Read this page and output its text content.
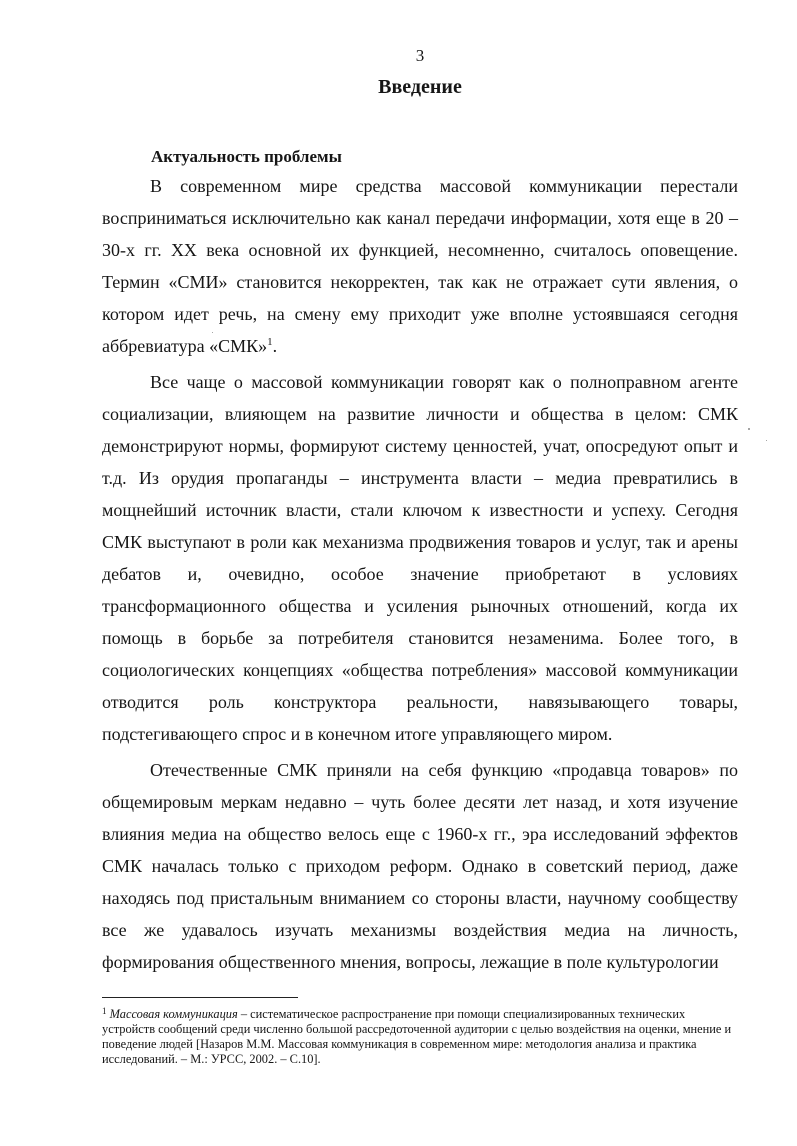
3
Введение
Актуальность проблемы

В современном мире средства массовой коммуникации перестали восприниматься исключительно как канал передачи информации, хотя еще в 20 – 30-х гг. XX века основной их функцией, несомненно, считалось оповещение. Термин «СМИ» становится некорректен, так как не отражает сути явления, о котором идет речь, на смену ему приходит уже вполне устоявшаяся сегодня аббревиатура «СМК»$^1$.

Все чаще о массовой коммуникации говорят как о полноправном агенте социализации, влияющем на развитие личности и общества в целом: СМК демонстрируют нормы, формируют систему ценностей, учат, опосредуют опыт и т.д. Из орудия пропаганды – инструмента власти – медиа превратились в мощнейший источник власти, стали ключом к известности и успеху. Сегодня СМК выступают в роли как механизма продвижения товаров и услуг, так и арены дебатов и, очевидно, особое значение приобретают в условиях трансформационного общества и усиления рыночных отношений, когда их помощь в борьбе за потребителя становится незаменима. Более того, в социологических концепциях «общества потребления» массовой коммуникации отводится роль конструктора реальности, навязывающего товары, подстегивающего спрос и в конечном итоге управляющего миром.

Отечественные СМК приняли на себя функцию «продавца товаров» по общемировым меркам недавно – чуть более десяти лет назад, и хотя изучение влияния медиа на общество велось еще с 1960-х гг., эра исследований эффектов СМК началась только с приходом реформ. Однако в советский период, даже находясь под пристальным вниманием со стороны власти, научному сообществу все же удавалось изучать механизмы воздействия медиа на личность, формирования общественного мнения, вопросы, лежащие в поле культурологии

$^1$ Массовая коммуникация – систематическое распространение при помощи специализированных технических устройств сообщений среди численно большой рассредоточенной аудитории с целью воздействия на оценки, мнение и поведение людей [Назаров М.М. Массовая коммуникация в современном мире: методология анализа и практика исследований. – М.: УРСС, 2002. – С.10].
